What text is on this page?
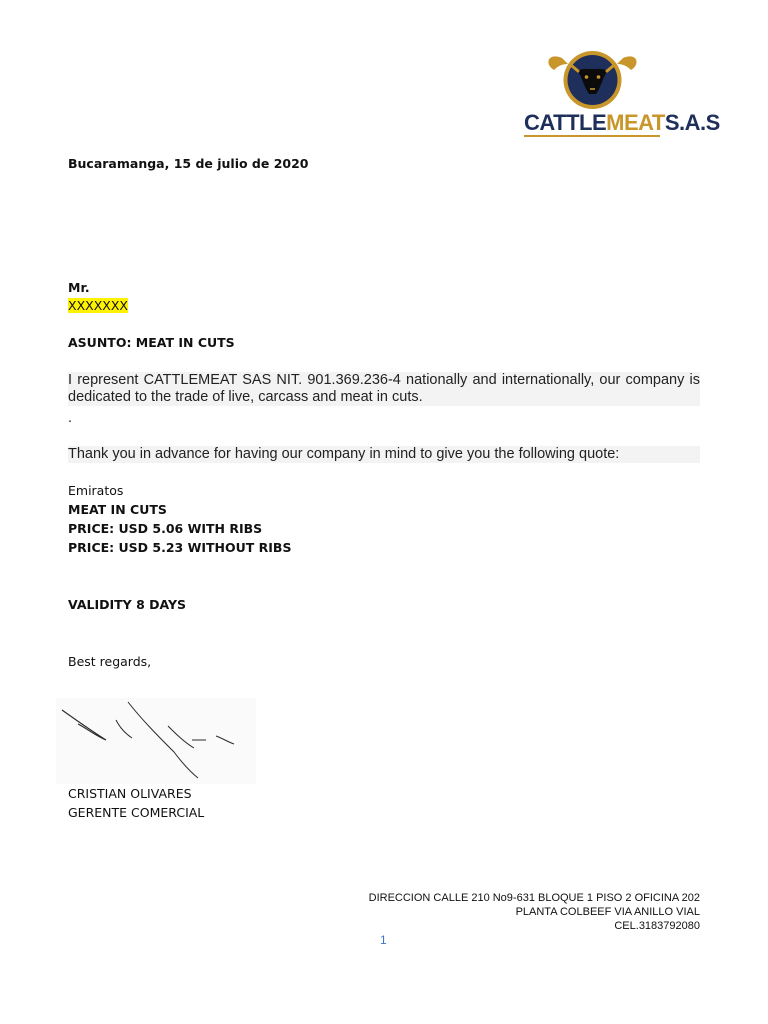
CATTLEMEATS.A.S
Bucaramanga, 15 de julio de 2020
Mr.
XXXXXXX
ASUNTO: MEAT IN CUTS
I represent CATTLEMEAT SAS NIT. 901.369.236-4 nationally and internationally, our company is dedicated to the trade of live, carcass and meat in cuts.
.
Thank you in advance for having our company in mind to give you the following quote:
Emiratos
MEAT IN CUTS
PRICE: USD 5.06 WITH RIBS
PRICE: USD 5.23 WITHOUT RIBS
VALIDITY 8 DAYS
Best regards,
CRISTIAN OLIVARES
GERENTE COMERCIAL
DIRECCION CALLE 210 No9-631 BLOQUE 1 PISO 2 OFICINA 202
PLANTA COLBEEF VIA ANILLO VIAL
CEL.3183792080
1
